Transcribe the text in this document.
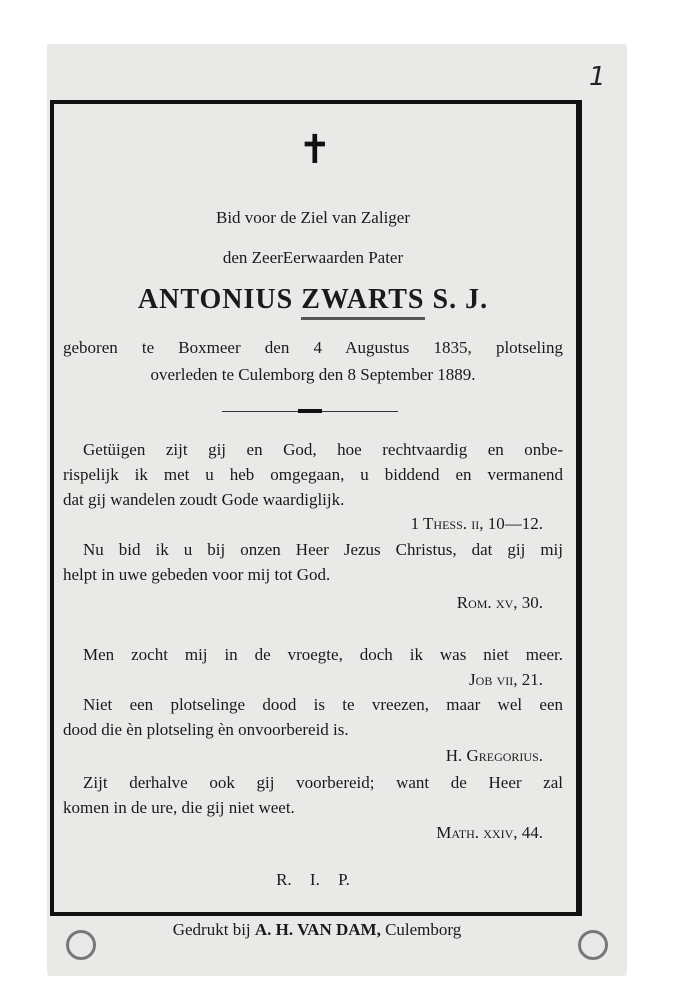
1
✝
Bid voor de Ziel van Zaliger
den ZeerEerwaarden Pater
ANTONIUS ZWARTS S. J.
geboren te Boxmeer den 4 Augustus 1835, plotseling
overleden te Culemborg den 8 September 1889.
Getüigen zijt gij en God, hoe rechtvaardig en onbe-
rispelijk ik met u heb omgegaan, u biddend en vermanend
dat gij wandelen zoudt Gode waardiglijk.
1 Thess. ii, 10—12.
Nu bid ik u bij onzen Heer Jezus Christus, dat gij mij
helpt in uwe gebeden voor mij tot God.
Rom. xv, 30.
Men zocht mij in de vroegte, doch ik was niet meer.
Job vii, 21.
Niet een plotselinge dood is te vreezen, maar wel een
dood die èn plotseling èn onvoorbereid is.
H. Gregorius.
Zijt derhalve ook gij voorbereid; want de Heer zal
komen in de ure, die gij niet weet.
Math. xxiv, 44.
R. I. P.
Gedrukt bij A. H. VAN DAM, Culemborg
